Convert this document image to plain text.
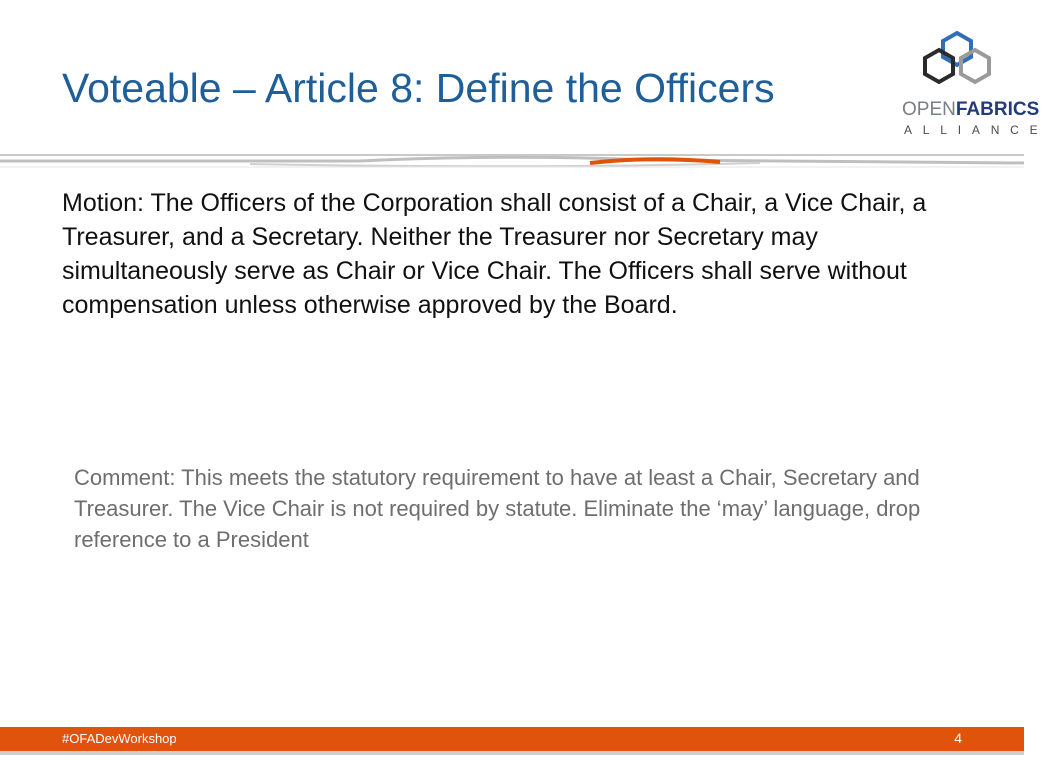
Voteable – Article 8: Define the Officers	OPENFABRICS
ALLIANCE

Motion: The Officers of the Corporation shall consist of a Chair, a Vice Chair, a Treasurer, and a Secretary. Neither the Treasurer nor Secretary may simultaneously serve as Chair or Vice Chair. The Officers shall serve without compensation unless otherwise approved by the Board.

Comment: This meets the statutory requirement to have at least a Chair, Secretary and Treasurer. The Vice Chair is not required by statute. Eliminate the ‘may’ language, drop reference to a President

#OFADevWorkshop	4
